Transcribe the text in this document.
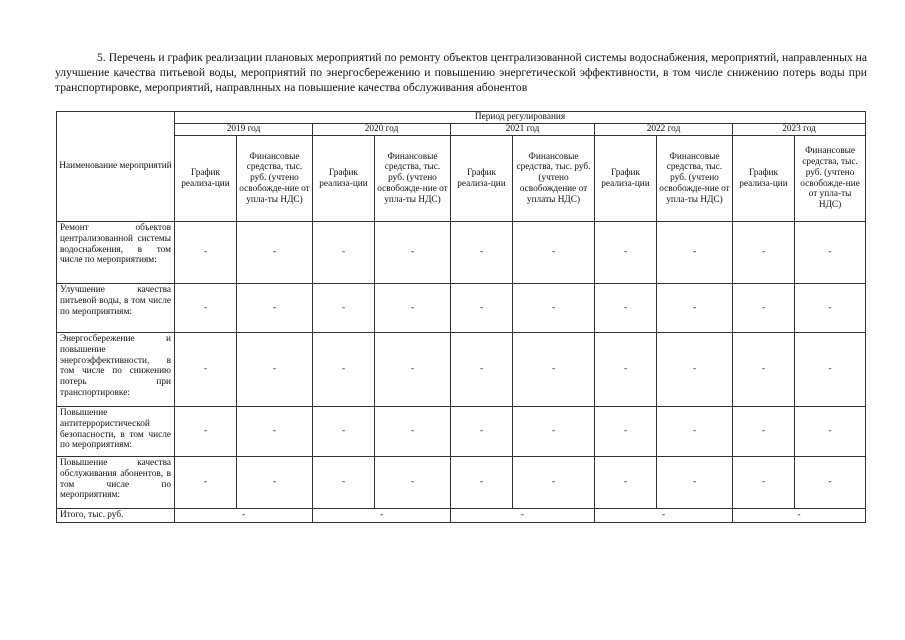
5. Перечень и график реализации плановых мероприятий по ремонту объектов централизованной системы водоснабжения, мероприятий, направленных на улучшение качества питьевой воды, мероприятий по энергосбережению и повышению энергетической эффективности, в том числе снижению потерь воды при транспортировке, мероприятий, направлнных на повышение качества обслуживания абонентов

Наименование мероприятий	Период регулирования									
	2019 год		2020 год		2021 год		2022 год		2023 год	
	График реализа-ции	Финансовые средства, тыс. руб. (учтено освобожде-ние от упла-ты НДС)	График реализа-ции	Финансовые средства, тыс. руб. (учтено освобожде-ние от упла-ты НДС)	График реализа-ции	Финансовые средства, тыс. руб. (учтено освобождение от уплаты НДС)	График реализа-ции	Финансовые средства, тыс. руб. (учтено освобожде-ние от упла-ты НДС)	График реализа-ции	Финансовые средства, тыс. руб. (учтено освобожде-ние от упла-ты НДС)
Ремонт объектов централизованной системы водоснабжения, в том числе по мероприятиям:	-	-	-	-	-	-	-	-	-	-
Улучшение качества питьевой воды, в том числе по мероприятиям:	-	-	-	-	-	-	-	-	-	-
Энергосбережение и повышение энергоэффективности, в том числе по снижению потерь при транспортировке:	-	-	-	-	-	-	-	-	-	-
Повышение антитеррористической безопасности, в том числе по мероприятиям:	-	-	-	-	-	-	-	-	-	-
Повышение качества обслуживания абонентов, в том числе по мероприятиям:	-	-	-	-	-	-	-	-	-	-
Итого, тыс. руб.	-		-		-		-		-	
